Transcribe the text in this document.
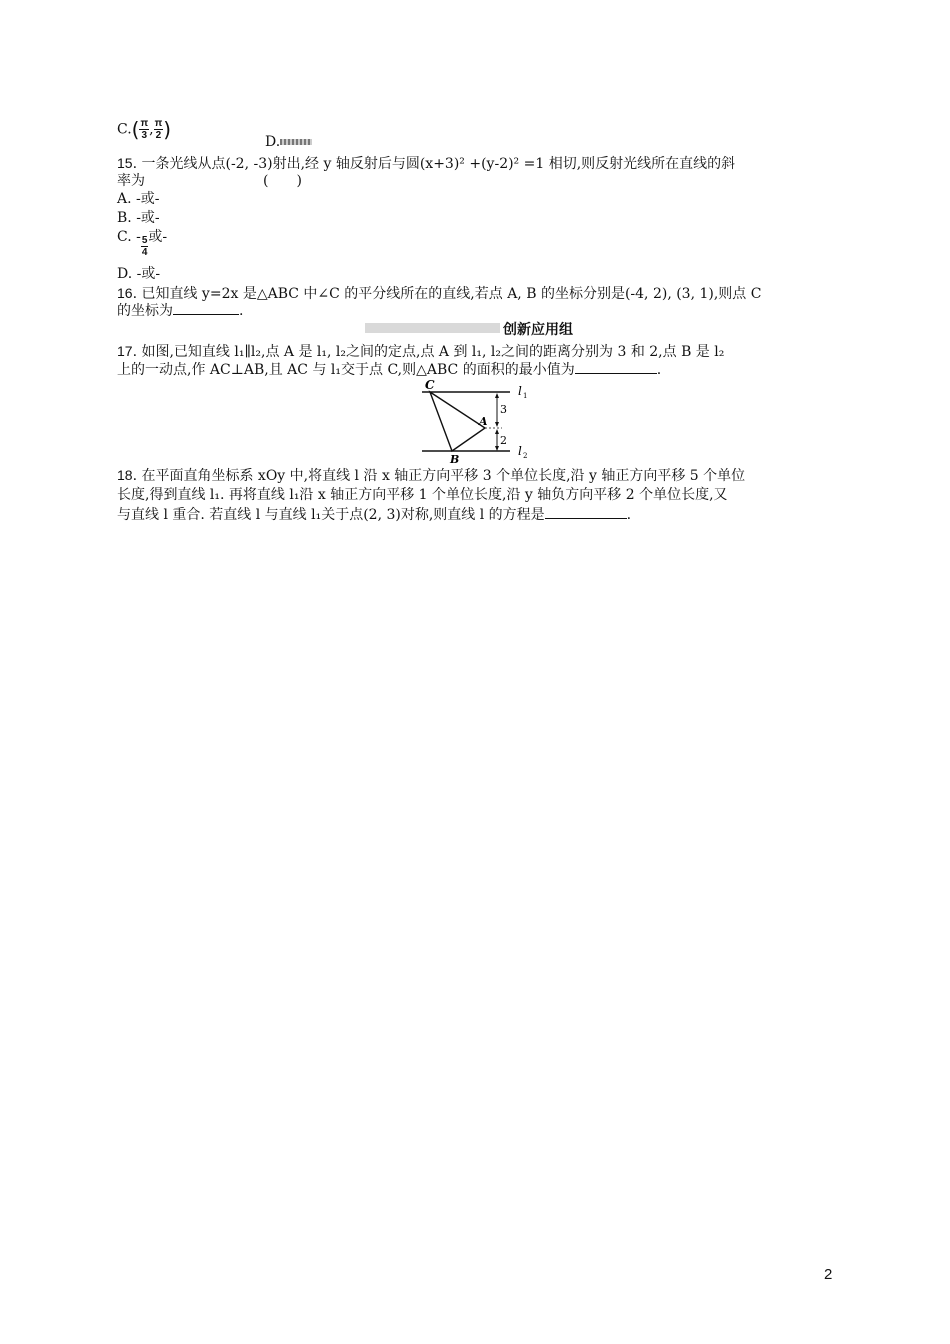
$C.( \frac{\pi}{3}$ , $\frac{\pi}{2}$ )
D.
15. 一条光线从点(-2, -3)射出,经 y 轴反射后与圆(x+3)² +(y-2)² =1 相切,则反射光线所在直线的斜
率为	(　　)
A. -或-
B. -或-
C. - $\frac{5}{4}$ 或-
D. -或-
16. 已知直线 y=2x 是△ABC 中∠C 的平分线所在的直线,若点 A, B 的坐标分别是(-4, 2), (3, 1),则点 C
的坐标为	.
创新应用组
17. 如图,已知直线 l₁∥l₂,点 A 是 l₁, l₂之间的定点,点 A 到 l₁, l₂之间的距离分别为 3 和 2,点 B 是 l₂
上的一动点,作 AC⊥AB,且 AC 与 l₁交于点 C,则△ABC 的面积的最小值为	.
C
A
B
3
2
l 1
l 2
18. 在平面直角坐标系 xOy 中,将直线 l 沿 x 轴正方向平移 3 个单位长度,沿 y 轴正方向平移 5 个单位
长度,得到直线 l₁. 再将直线 l₁沿 x 轴正方向平移 1 个单位长度,沿 y 轴负方向平移 2 个单位长度,又
与直线 l 重合. 若直线 l 与直线 l₁关于点(2, 3)对称,则直线 l 的方程是	.
2
